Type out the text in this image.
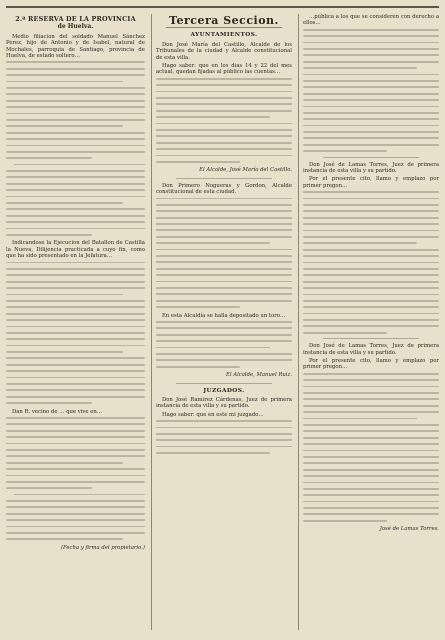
2.ª RESERVA DE LA PROVINCIA
de Huelva.

Medio filiacion del soldado Manuel Sánchez Perez, hijo de Antonio y de Isabel, natural de Mochales, parroquia de Santiago, provincia de Huelva, de estado soltero…

Indicandose la Ejecucion del Batallon de Castilla la Nueva, Dilijencia practicada a cuyo fin, como que ha sido presentado en la Jefatura…

Dan R. vecino de … que vive en…

(Fecha y firma del propietario.)
Tercera Seccion.
AYUNTAMIENTOS.

Don José María del Castillo, Alcalde de los Tribunales de la ciudad y Alcalde constitucional de esta villa.

Hago saber: que en los dias 14 y 22 del mes actual, quedan fijadas al público las cuentas…

El Alcalde, José María del Castillo.

Don Primero Nogueras y Gordon, Alcalde constitucional de esta ciudad.

En esta Alcaldía se halla depositado un toro…

El Alcalde, Manuel Ruiz.
JUZGADOS.

Don José Ramirez Cárdenas, Juez de primera instancia de esta villa y su partido.

Hago saber: que en este mi juzgado…

…pública a los que se consideren con derecho a ellos…

Don José de Lamas Torres, Juez de primera instancia de esta villa y su partido.

Por el presente cito, llamo y emplazo por primer pregon…

Don José de Lamas Torres, Juez de primera instancia de esta villa y su partido.

Por el presente cito, llamo y emplazo por primer pregon…

José de Lamas Torres.
